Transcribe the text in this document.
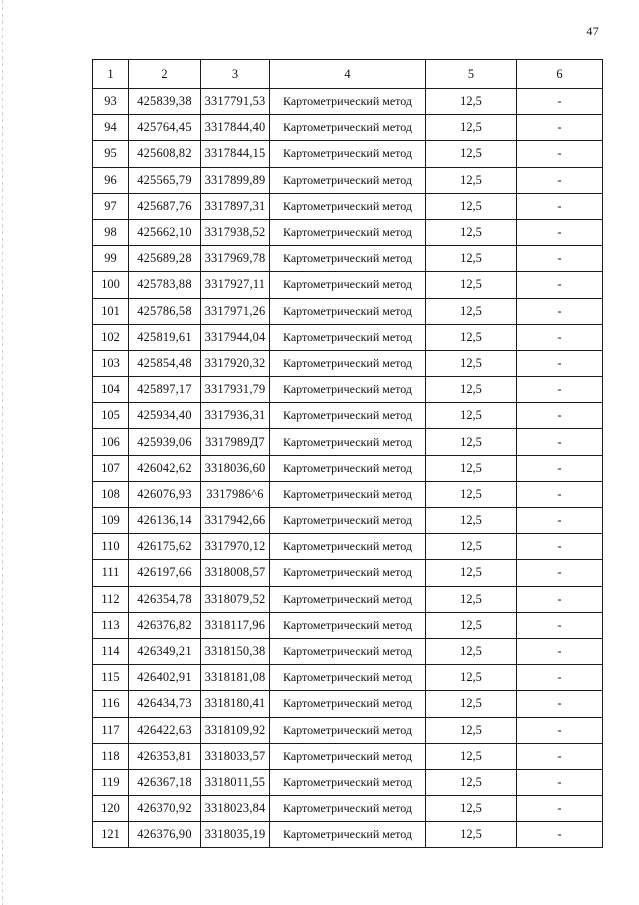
47
1	2	3	4	5	6
93	425839,38	3317791,53	Картометрический метод	12,5	-
94	425764,45	3317844,40	Картометрический метод	12,5	-
95	425608,82	3317844,15	Картометрический метод	12,5	-
96	425565,79	3317899,89	Картометрический метод	12,5	-
97	425687,76	3317897,31	Картометрический метод	12,5	-
98	425662,10	3317938,52	Картометрический метод	12,5	-
99	425689,28	3317969,78	Картометрический метод	12,5	-
100	425783,88	3317927,11	Картометрический метод	12,5	-
101	425786,58	3317971,26	Картометрический метод	12,5	-
102	425819,61	3317944,04	Картометрический метод	12,5	-
103	425854,48	3317920,32	Картометрический метод	12,5	-
104	425897,17	3317931,79	Картометрический метод	12,5	-
105	425934,40	3317936,31	Картометрический метод	12,5	-
106	425939,06	3317989Д7	Картометрический метод	12,5	-
107	426042,62	3318036,60	Картометрический метод	12,5	-
108	426076,93	3317986^6	Картометрический метод	12,5	-
109	426136,14	3317942,66	Картометрический метод	12,5	-
110	426175,62	3317970,12	Картометрический метод	12,5	-
111	426197,66	3318008,57	Картометрический метод	12,5	-
112	426354,78	3318079,52	Картометрический метод	12,5	-
113	426376,82	3318117,96	Картометрический метод	12,5	-
114	426349,21	3318150,38	Картометрический метод	12,5	-
115	426402,91	3318181,08	Картометрический метод	12,5	-
116	426434,73	3318180,41	Картометрический метод	12,5	-
117	426422,63	3318109,92	Картометрический метод	12,5	-
118	426353,81	3318033,57	Картометрический метод	12,5	-
119	426367,18	3318011,55	Картометрический метод	12,5	-
120	426370,92	3318023,84	Картометрический метод	12,5	-
121	426376,90	3318035,19	Картометрический метод	12,5	-
